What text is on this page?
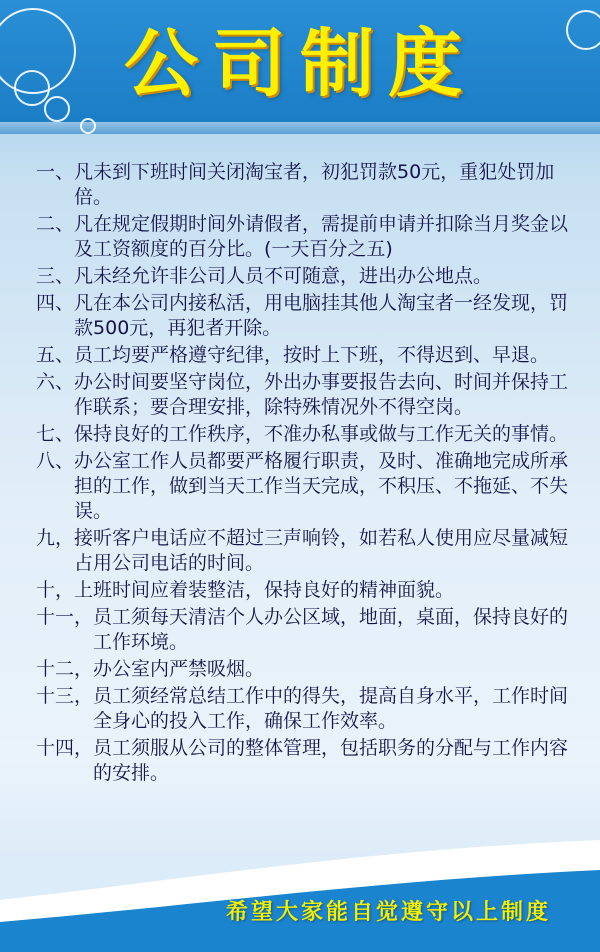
公司制度
一、 凡未到下班时间关闭淘宝者，初犯罚款50元，重犯处罚加倍。
二、 凡在规定假期时间外请假者，需提前申请并扣除当月奖金以及工资额度的百分比。(一天百分之五)
三、 凡未经允许非公司人员不可随意，进出办公地点。
四、 凡在本公司内接私活，用电脑挂其他人淘宝者一经发现，罚款500元，再犯者开除。
五、 员工均要严格遵守纪律，按时上下班，不得迟到、早退。
六、 办公时间要坚守岗位，外出办事要报告去向、时间并保持工作联系；要合理安排，除特殊情况外不得空岗。
七、 保持良好的工作秩序，不准办私事或做与工作无关的事情。
八、 办公室工作人员都要严格履行职责，及时、准确地完成所承担的工作，做到当天工作当天完成，不积压、不拖延、不失误。
九， 接听客户电话应不超过三声响铃，如若私人使用应尽量减短占用公司电话的时间。
十， 上班时间应着装整洁，保持良好的精神面貌。
十一， 员工须每天清洁个人办公区域，地面，桌面，保持良好的工作环境。
十二， 办公室内严禁吸烟。
十三， 员工须经常总结工作中的得失，提高自身水平，工作时间全身心的投入工作，确保工作效率。
十四， 员工须服从公司的整体管理，包括职务的分配与工作内容的安排。
希望大家能自觉遵守以上制度
